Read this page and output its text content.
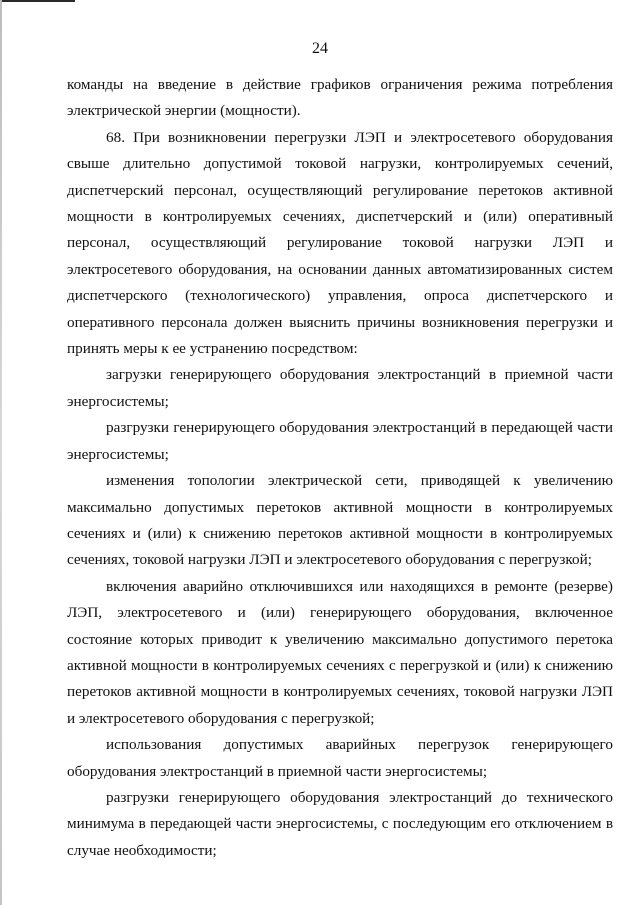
24

команды на введение в действие графиков ограничения режима потребления электрической энергии (мощности).

68. При возникновении перегрузки ЛЭП и электросетевого оборудования свыше длительно допустимой токовой нагрузки, контролируемых сечений, диспетчерский персонал, осуществляющий регулирование перетоков активной мощности в контролируемых сечениях, диспетчерский и (или) оперативный персонал, осуществляющий регулирование токовой нагрузки ЛЭП и электросетевого оборудования, на основании данных автоматизированных систем диспетчерского (технологического) управления, опроса диспетчерского и оперативного персонала должен выяснить причины возникновения перегрузки и принять меры к ее устранению посредством:

загрузки генерирующего оборудования электростанций в приемной части энергосистемы;

разгрузки генерирующего оборудования электростанций в передающей части энергосистемы;

изменения топологии электрической сети, приводящей к увеличению максимально допустимых перетоков активной мощности в контролируемых сечениях и (или) к снижению перетоков активной мощности в контролируемых сечениях, токовой нагрузки ЛЭП и электросетевого оборудования с перегрузкой;

включения аварийно отключившихся или находящихся в ремонте (резерве) ЛЭП, электросетевого и (или) генерирующего оборудования, включенное состояние которых приводит к увеличению максимально допустимого перетока активной мощности в контролируемых сечениях с перегрузкой и (или) к снижению перетоков активной мощности в контролируемых сечениях, токовой нагрузки ЛЭП и электросетевого оборудования с перегрузкой;

использования допустимых аварийных перегрузок генерирующего оборудования электростанций в приемной части энергосистемы;

разгрузки генерирующего оборудования электростанций до технического минимума в передающей части энергосистемы, с последующим его отключением в случае необходимости;
